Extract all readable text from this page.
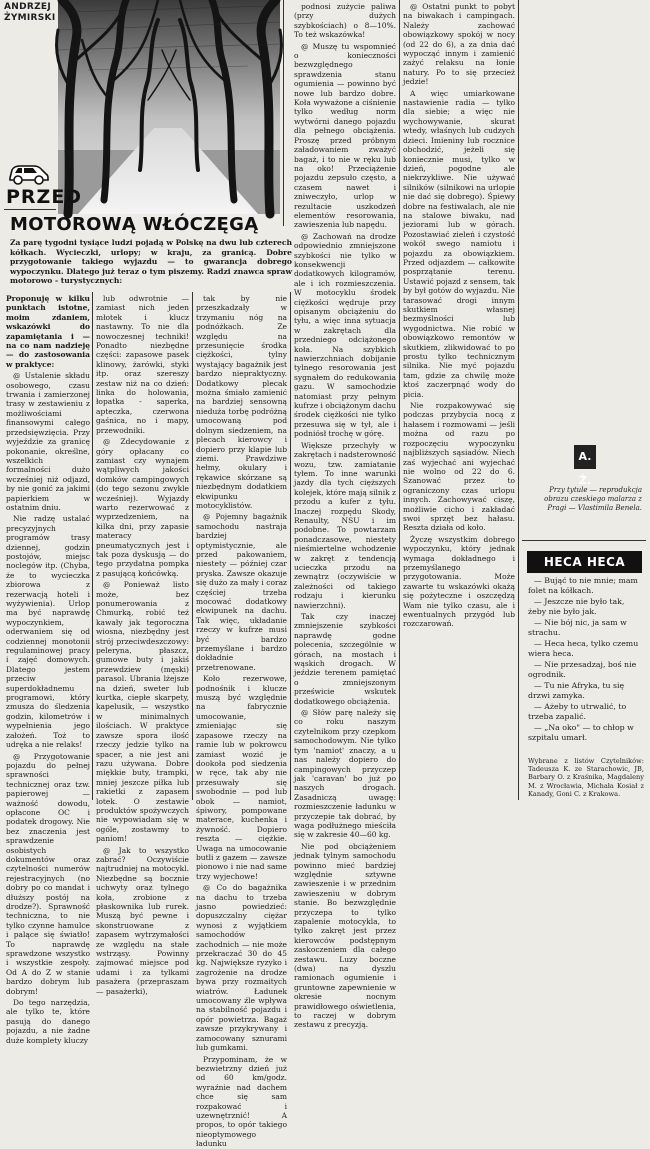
ANDRZEJ
ŻYMIRSKI
PRZED
MOTOROWĄ WŁÓCZĘGĄ
Za parę tygodni tysiące ludzi pojadą w Polskę na dwu lub czterech kółkach. Wycieczki, urlopy; w kraju, za granicą. Dobre przygotowanie takiego wyjazdu — to gwarancja dobrego wypoczynku. Dlatego już teraz o tym piszemy. Radzi znawca spraw motorowo - turystycznych:

Proponuję w kilku punktach istotne, moim zdaniem, wskazówki do zapamiętania i — na co nam nadzieję — do zastosowania w praktyce:

@ Ustalenie składu osobowego, czasu trwania i zamierzonej trasy w zestawieniu z możliwościami finansowymi całego przedsięwzięcia. Przy wyjeździe za granicę pokonanie, określne, wszelkich formalności dużo wcześniej niż odjazd, by nie gonić za jakimi papierkiem w ostatnim dniu.

Nie radzę ustalać precyzyjnych programów trasy dziennej, godzin postojów, miejsc noclegów itp. (Chyba, że to wycieczka zbiorowa z rezerwacją hoteli i wyżywienia). Urlop ma być naprawdę wypoczynkiem, oderwaniem się od codziennej monotonii regulaminowej pracy i zajęć domowych. Dlatego jestem przeciw superdokładnemu programowi, który zmusza do śledzenia godzin, kilometrów i wypełnienia jego założeń. Toż to udręka a nie relaks!

@ Przygotowanie pojazdu do pełnej sprawności technicznej oraz tzw. papierowej — ważność dowodu, opłacone OC i podatek drogowy. Nie bez znaczenia jest sprawdzenie osobistych dokumentów oraz czytelności numerów rejestracyjnych (no dobry po co mandat i dłuższy postój na drodze?). Sprawność techniczna, to nie tylko czynne hamulce i palące się światło! To naprawdę sprawdzone wszystko i wszystkie zespoły. Od A do Z w stanie bardzo dobrym lub dobrym!

Do tego narzędzia, ale tylko te, które pasują do danego pojazdu, a nie żadne duże komplety kluczy

lub odwrotnie — zamiast nich jeden młotek i klucz nastawny. To nie dla nowoczesnej techniki! Ponadto niezbędne części: zapasowe pasek klinowy, żarówki, styki itp. oraz szereszy zestaw niż na co dzień: linka do holowania, łopatka - saperka, apteczka, czerwona gaśnica, no i mapy, przewodniki.

@ Zdecydowanie z góry opłacany co zamiast czy wynajem wątpliwych jakości domków campingowych (do tego sezonu zwykle wcześniej). Wyjazdy warto rezerwować z wyprzedzeniem, na kilka dni, przy zapasie materacy pneumatycznych jest i tak poza dyskusją — do tego przydatna pompka z pasującą końcówką.

@ Ponieważ listo może, bez ponumerowania z Chmurką, robić też kawały jak tegoroczna wiosna, niezbędny jest strój przeciwdeszczowy: peleryna, płaszcz, gumowe buty i jakiś przewdziew (męski) parasol. Ubrania lżejsze na dzień, sweter lub kurtka, ciepłe skarpety, kapelusik, — wszystko w minimalnych ilościach. W praktyce zawsze spora ilość rzeczy jedzie tylko na spacer, a nie jest ani razu używana. Dobre miękkie buty, trampki, mniej jeszcze piłka lub rakietki z zapasem lotek. O zestawie produktów spożywczych nie wypowiadam się w ogóle, zostawmy to paniom!

@ Jak to wszystko zabrać? Oczywiście najtrudniej na motocykl. Niezbędne są bocznie uchwyty oraz tylnego koła, zrobione z płaskownika lub rurek. Muszą być pewne i skonstruowane z zapasem wytrzymałości ze względu na stałe wstrząsy. Powinny zajmować miejsce pod udami i za tylkami pasażera (przepraszam — pasażerki),

tak by nie przeszkadzały w trzymaniu nóg na podnóżkach. Ze względu na przesunięcie środka ciężkości, tylny wystający bagażnik jest bardzo niepraktyczny. Dodatkowy plecak można śmiało zamienić na bardziej sensowną nieduża torbę podróżną umocowaną pod dolnym siedzeniem, na plecach kierowcy i dopiero przy klapie lub ziemi. Prawdziwe hełmy, okulary i rękawice skórzane są niezbędnym dodatkiem ekwipunku motocyklistów.

@ Pojemny bagażnik samochodu nastraja bardziej optymistycznie, ale przed pakowaniem, niestety — później czar pryska. Zawsze okazuje się dużo za mały i coraz częściej trzeba mocować dodatkowy ekwipunek na dachu. Tak więc, układanie rzeczy w kufrze musi być bardzo przemyślane i bardzo dokładnie przetrenowane.

Koło rezerwowe, podnośnik i klucze muszą być względnie na fabrycznie umocowanie, zmieniając się zapasowe rzeczy na ramie lub w pokrowcu zamiast wozić je dookoła pod siedzenia w ręce, tak aby nie przesuwały się swobodnie — pod lub obok — namiot, śpiwory, pompowane materace, kuchenka i żywność. Dopiero reszta — ciężkie. Uwaga na umocowanie butli z gazem — zawsze pionowo i nie nad same trzy wyjechowe!

@ Co do bagażnika na dachu to trzeba jasno powiedzieć: dopuszczalny ciężar wynosi z wyjątkiem samochodów zachodnich — nie może przekraczać 30 do 45 kg. Największe ryzyko i zagrożenie na drodze bywa przy rozmaitych wiatrów. Ładunek umocowany źle wpływa na stabilność pojazdu i opór powietrza. Bagaż zawsze przykrywany i zamocowany sznurami lub gumkami.

Przypominam, że w bezwietrzny dzień już od 60 km/godz. wyraźnie nad dachem chce się sam rozpakować i uzewnętrznić! A propos, to opór takiego nieoptymowego ładunku

podnosi zużycie paliwa (przy dużych szybkościach) o 8—10%. To też wskazówka!

@ Muszę tu wspomnieć o konieczności bezwzględnego sprawdzenia stanu ogumienia — powinno być nowe lub bardzo dobre. Koła wyważone a ciśnienie tylko według norm wytwórni danego pojazdu dla pełnego obciążenia. Proszę przed próbnym załadowaniem zważyć bagaż, i to nie w ręku lub na oko! Przeciążenie pojazdu zepsuło często, a czasem nawet i zniweczyło, urlop w rezultacie uszkodzeń elementów resorowania, zawieszenia lub napędu.

@ Zachowań na drodze odpowiednio zmniejszone szybkości nie tylko w konsekwencji dodatkowych kilogramów, ale i ich rozmieszczenia. W motocyklu środek ciężkości wędruje przy opisanym obciążeniu do tyłu, a więc inna sytuacja w zakrętach dla przedniego odciążonego koła. Na szybkich nawierzchniach dobijanie tylnego resorowania jest sygnałem do redukowania gazu. W samochodzie natomiast przy pełnym kufrze i obciążonym dachu środek ciężkości nie tylko przesuwa się w tył, ale i podniósł trochę w górę.

Większe przechyły w zakrętach i nadsterowność wozu, tzw. zamiatanie tyłem. To inne warunki jazdy dla tych cięższych kolejek, które mają silnik z przodu a kufer z tyłu. Inaczej rozpędu Skody, Renaulty, NSU i im podobne. To powtarzam ponadczasowe, niestety nieśmiertelne wchodzenie w zakręt z tendencją ucieczka przodu na zewnątrz (oczywiście w zależności od takiego rodzaju i kierunku nawierzchni).

Tak czy inaczej zmniejszenie szybkości naprawdę godne polecenia, szczególnie w górach, na mostach i wąskich drogach. W jeździe terenem pamiętać o zmniejszonym prześwicie wskutek dodatkowego obciążenia.

@ Słów parę należy się co roku naszym czytelnikom przy czepkom samochodowym. Nie tylko tym 'namiot' znaczy, a u nas należy dopiero do campingowych przyczep jak 'caravan' bo już po naszych drogach. Zasadniczą uwagę: rozmieszczenie ładunku w przyczepie tak dobrać, by waga podłużnego mieściła się w zakresie 40—60 kg.

Nie pod obciążeniem jednak tylnym samochodu powinno mieć bardziej względnie sztywne zawieszenie i w przednim zawieszeniu w dobrym stanie. Bo bezwzględnie przyczepa to tylko zapalenie motocykla, to tylko zakręt jest przez kierowców podstępnym zaskoczeniem dla całego zestawu. Luzy boczne (dwa) na dyszlu ramionach ogumienie i gruntowne zapewnienie w okresie nocnym prawidłowego oświetlenia, to raczej w dobrym zestawu z precyzją.

@ Ostatni punkt to pobyt na biwakach i campingach. Należy zachować obowiązkowy spokój w nocy (od 22 do 6), a za dnia dać wypocząć innym i zamienić zażyć relaksu na łonie natury. Po to się przecież jedzie!

A więc umiarkowane nastawienie radia — tylko dla siebie; a więc nie wychowywanie, skurat wtedy, właśnych lub cudzych dzieci. Imieniny lub rocznice obchodzić, jeżeli się koniecznie musi, tylko w dzień, pogodne ale niekrzykliwe. Nie używać silników (silnikowi na urlopie nie dać się dobrego). Śpiewy dobre na festiwalach, ale nie na stalowe biwaku, nad jeziorami lub w górach. Pozostawiać zieleń i czystość wokół swego namiotu i pojazdu za obowiązkiem. Przed odjazdem — całkowite posprzątanie terenu. Ustawić pojazd z sensem, tak by był gotów do wyjazdu. Nie tarasować drogi innym skutkiem własnej bezmyślności lub wygodnictwa. Nie robić w obowiązkowo remontów w skutkiem, zlikwidować to po prostu tylko technicznym silnika. Nie myć pojazdu tam, gdzie za chwilę może ktoś zaczerpnąć wody do picia.

Nie rozpakowywać się podczas przybycia nocą z hałasem i rozmowami — jeśli można od razu po rozpoczęciu wypoczynku najbliższych sąsiadów. Niech zaś wyjechać ani wyjechać nie wolno od 22 do 6. Szanować przez to ograniczony czas urlopu innych. Zachowywać ciszę, możliwie cicho i zakładać swoi sprzęt bez hałasu. Reszta działa od koło.

Życzę wszystkim dobrego wypoczynku, który jednak wymaga dokładnego i przemyślanego przygotowania. Może zawarte tu wskazówki okażą się pożyteczne i oszczędzą Wam nie tylko czasu, ale i ewentualnych przygód lub rozczarowań.

A. Ż.
Przy tytule — reprodukcja obrazu czeskiego malarza z Pragi — Vlastimila Benela.
HECA HECA

— Bująć to nie mnie; mam folet na kółkach.

— Jeszcze nie było tak, żeby nie było jak.

— Nie bój nic, ja sam w strachu.

— Heca heca, tylko czemu wiera heca.

— Nie przesadzaj, boś nie ogrodnik.

— Tu nie Afryka, tu się drzwi zamyka.

— Ażeby to utrwalić, to trzeba zapalić.

— „Na oko" — to chłop w szpitalu umarł.

Wybrane z listów Czytelników: Tadeusza K. ze Starachowic, JB, Barbary O. z Kraśnika, Magdaleny M. z Wrocławia, Michała Kosiał z Kanady, Goni C. z Krakowa.
